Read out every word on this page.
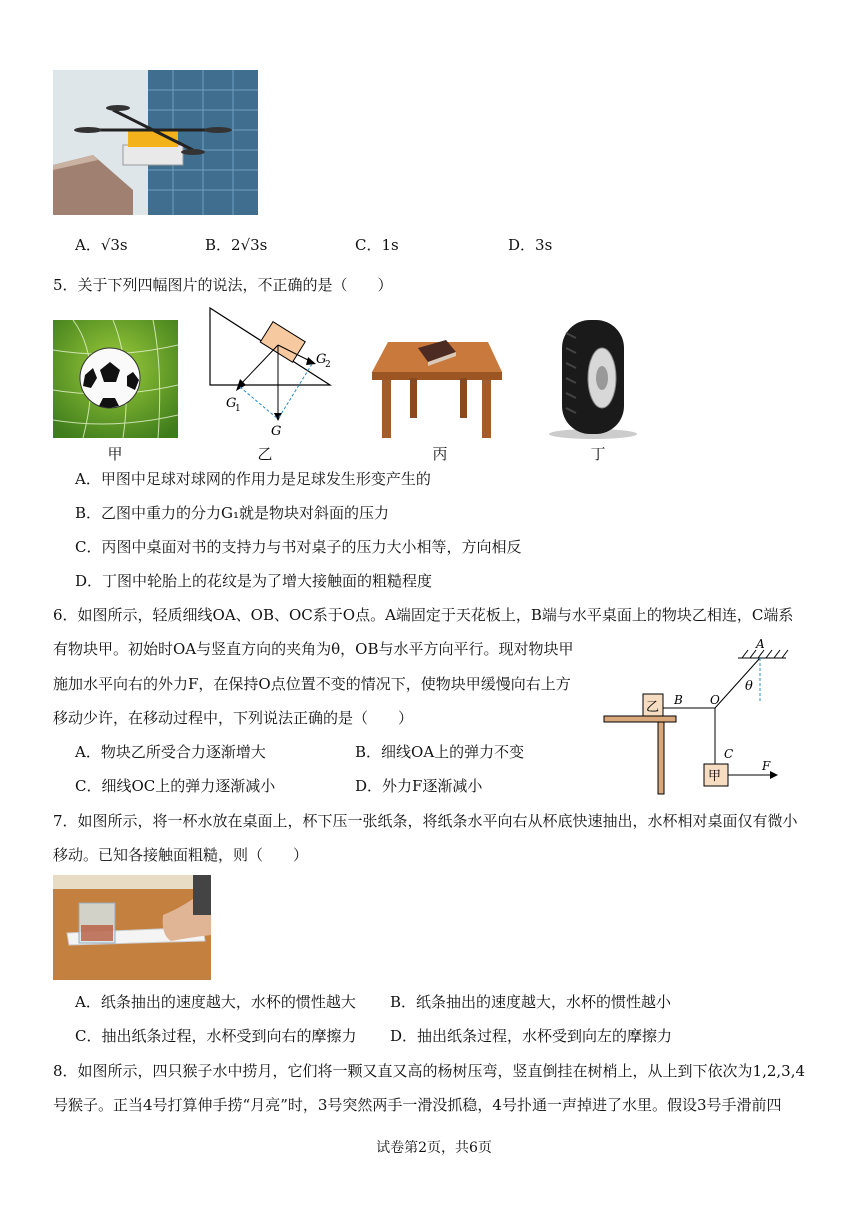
A．√3s	B．2√3s	C．1s	D．3s
5．关于下列四幅图片的说法，不正确的是（　　）
G
2
G
1
G
甲	乙	丙	丁
A．甲图中足球对球网的作用力是足球发生形变产生的
B．乙图中重力的分力G₁就是物块对斜面的压力
C．丙图中桌面对书的支持力与书对桌子的压力大小相等，方向相反
D．丁图中轮胎上的花纹是为了增大接触面的粗糙程度
6．如图所示，轻质细线OA、OB、OC系于O点。A端固定于天花板上，B端与水平桌面上的物块乙相连，C端系
有物块甲。初始时OA与竖直方向的夹角为θ，OB与水平方向平行。现对物块甲
施加水平向右的外力F，在保持O点位置不变的情况下，使物块甲缓慢向右上方
移动少许，在移动过程中，下列说法正确的是（　　）
A
θ
O
B
乙
C
甲
F
A．物块乙所受合力逐渐增大	B．细线OA上的弹力不变
C．细线OC上的弹力逐渐减小	D．外力F逐渐减小
7．如图所示，将一杯水放在桌面上，杯下压一张纸条，将纸条水平向右从杯底快速抽出，水杯相对桌面仅有微小
移动。已知各接触面粗糙，则（　　）
A．纸条抽出的速度越大，水杯的惯性越大 B．纸条抽出的速度越大，水杯的惯性越小
C．抽出纸条过程，水杯受到向右的摩擦力 D．抽出纸条过程，水杯受到向左的摩擦力
8．如图所示，四只猴子水中捞月，它们将一颗又直又高的杨树压弯，竖直倒挂在树梢上，从上到下依次为1,2,3,4
号猴子。正当4号打算伸手捞“月亮”时，3号突然两手一滑没抓稳，4号扑通一声掉进了水里。假设3号手滑前四
试卷第2页，共6页
